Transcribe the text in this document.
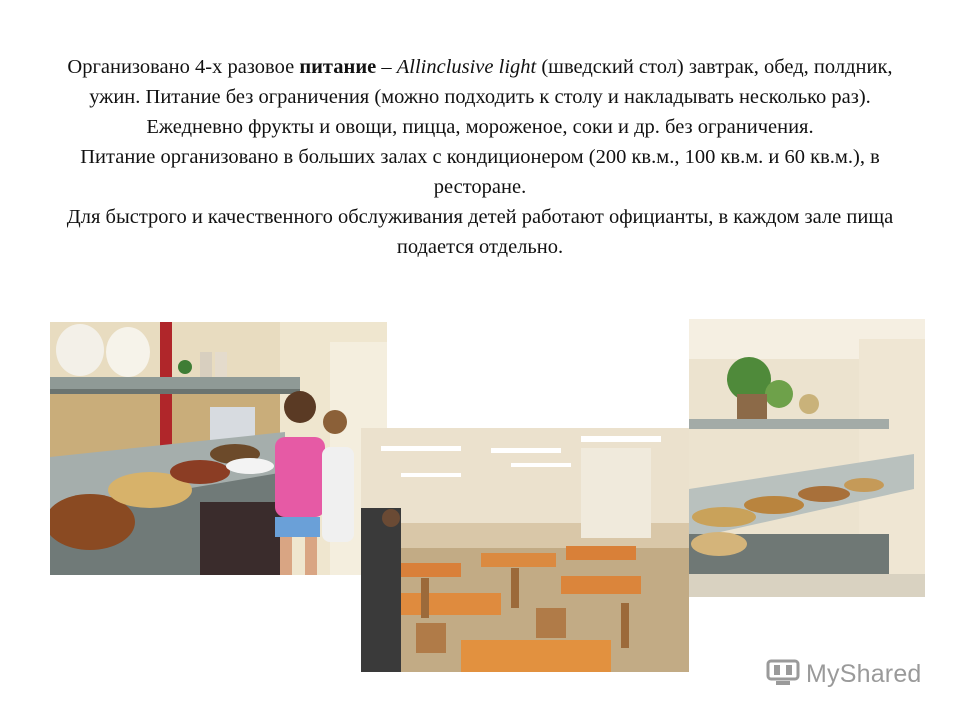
Организовано 4-х разовое питание – Allinclusive light (шведский стол) завтрак, обед, полдник, ужин. Питание без ограничения (можно подходить к столу и накладывать несколько раз). Ежедневно фрукты и овощи, пицца, мороженое, соки и др. без ограничения.

Питание организовано в больших залах с кондиционером (200 кв.м., 100 кв.м. и 60 кв.м.), в ресторане.

Для быстрого и качественного обслуживания детей работают официанты, в каждом зале пища подается отдельно.

MyShared
